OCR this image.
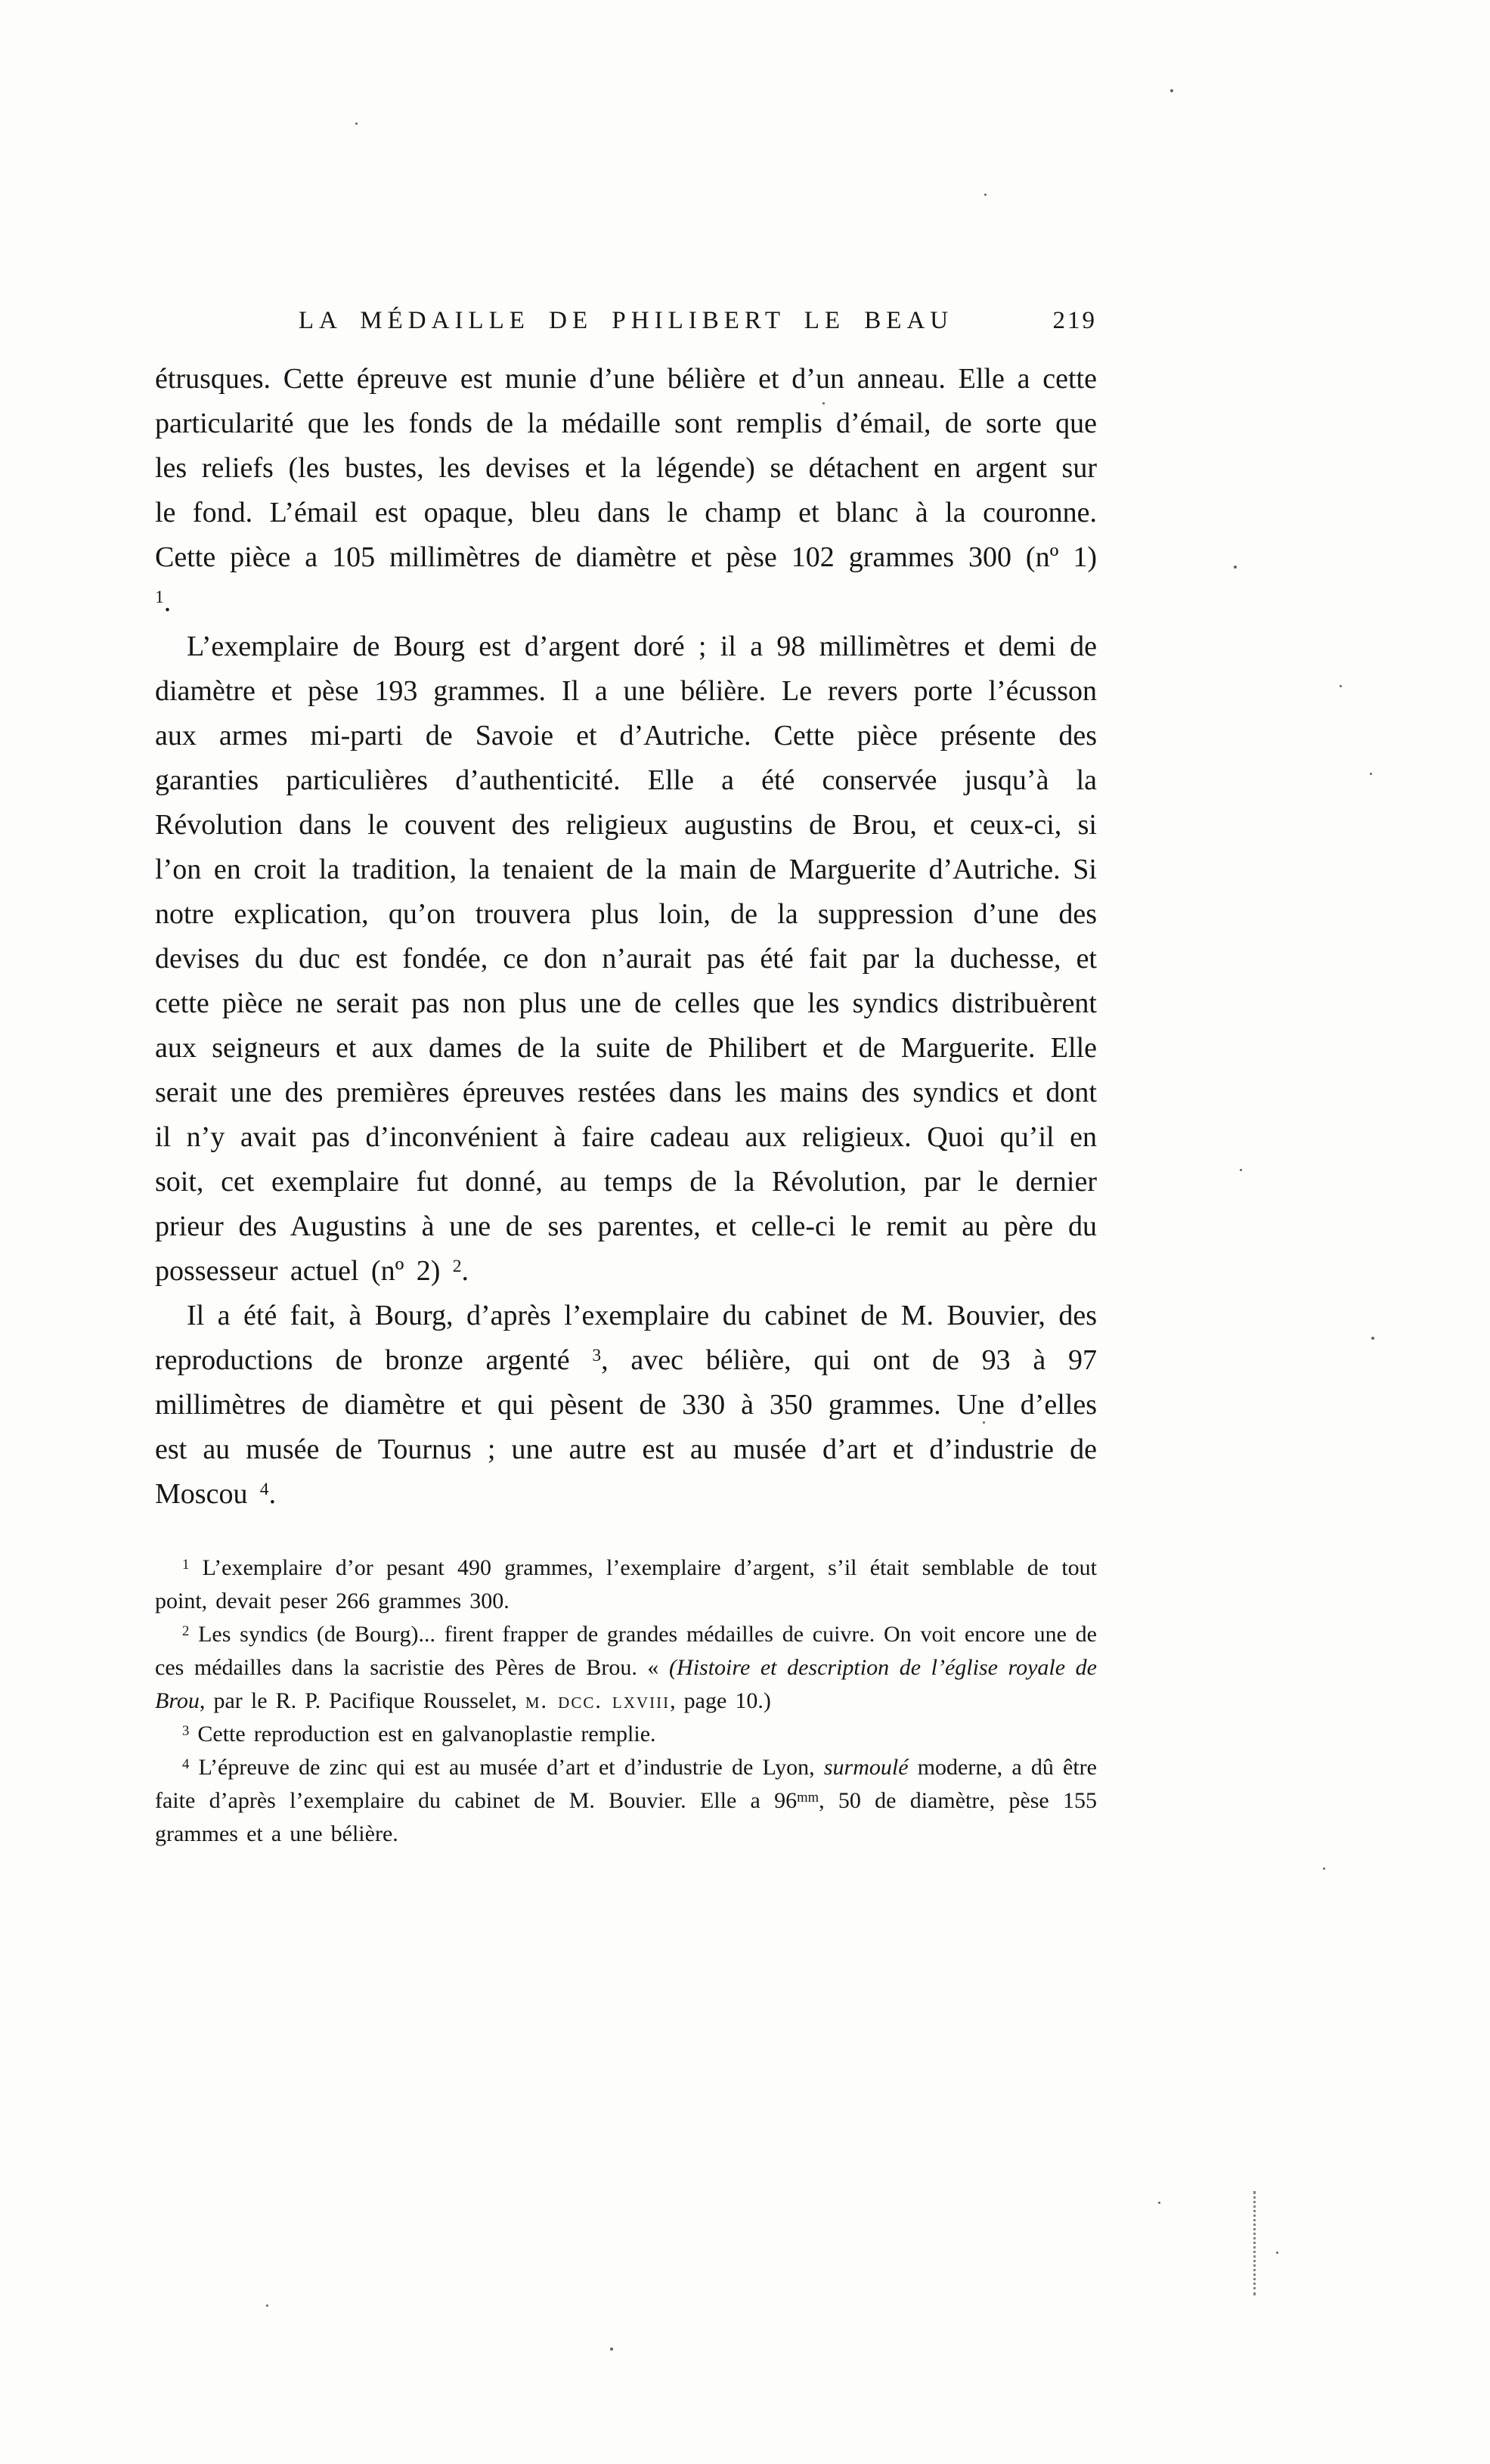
LA MÉDAILLE DE PHILIBERT LE BEAU	219

étrusques. Cette épreuve est munie d’une bélière et d’un anneau. Elle a cette particularité que les fonds de la médaille sont remplis d’émail, de sorte que les reliefs (les bustes, les devises et la légende) se détachent en argent sur le fond. L’émail est opaque, bleu dans le champ et blanc à la couronne. Cette pièce a 105 millimètres de diamètre et pèse 102 grammes 300 (nº 1) $^1$.

L’exemplaire de Bourg est d’argent doré ; il a 98 millimètres et demi de diamètre et pèse 193 grammes. Il a une bélière. Le revers porte l’écusson aux armes mi-parti de Savoie et d’Autriche. Cette pièce présente des garanties particulières d’authenticité. Elle a été conservée jusqu’à la Révolution dans le couvent des religieux augustins de Brou, et ceux-ci, si l’on en croit la tradition, la tenaient de la main de Marguerite d’Autriche. Si notre explication, qu’on trouvera plus loin, de la suppression d’une des devises du duc est fondée, ce don n’aurait pas été fait par la duchesse, et cette pièce ne serait pas non plus une de celles que les syndics distribuèrent aux seigneurs et aux dames de la suite de Philibert et de Marguerite. Elle serait une des premières épreuves restées dans les mains des syndics et dont il n’y avait pas d’inconvénient à faire cadeau aux religieux. Quoi qu’il en soit, cet exemplaire fut donné, au temps de la Révolution, par le dernier prieur des Augustins à une de ses parentes, et celle-ci le remit au père du possesseur actuel (nº 2) $^2$.

Il a été fait, à Bourg, d’après l’exemplaire du cabinet de M. Bouvier, des reproductions de bronze argenté $^3$, avec bélière, qui ont de 93 à 97 millimètres de diamètre et qui pèsent de 330 à 350 grammes. Une d’elles est au musée de Tournus ; une autre est au musée d’art et d’industrie de Moscou $^4$.

$^1$ L’exemplaire d’or pesant 490 grammes, l’exemplaire d’argent, s’il était semblable de tout point, devait peser 266 grammes 300.

$^2$ Les syndics (de Bourg)... firent frapper de grandes médailles de cuivre. On voit encore une de ces médailles dans la sacristie des Pères de Brou. « (Histoire et description de l’église royale de Brou, par le R. P. Pacifique Rousselet, m. dcc. lxviii, page 10.)

$^3$ Cette reproduction est en galvanoplastie remplie.

$^4$ L’épreuve de zinc qui est au musée d’art et d’industrie de Lyon, surmoulé moderne, a dû être faite d’après l’exemplaire du cabinet de M. Bouvier. Elle a $96^{mm}$, 50 de diamètre, pèse 155 grammes et a une bélière.
